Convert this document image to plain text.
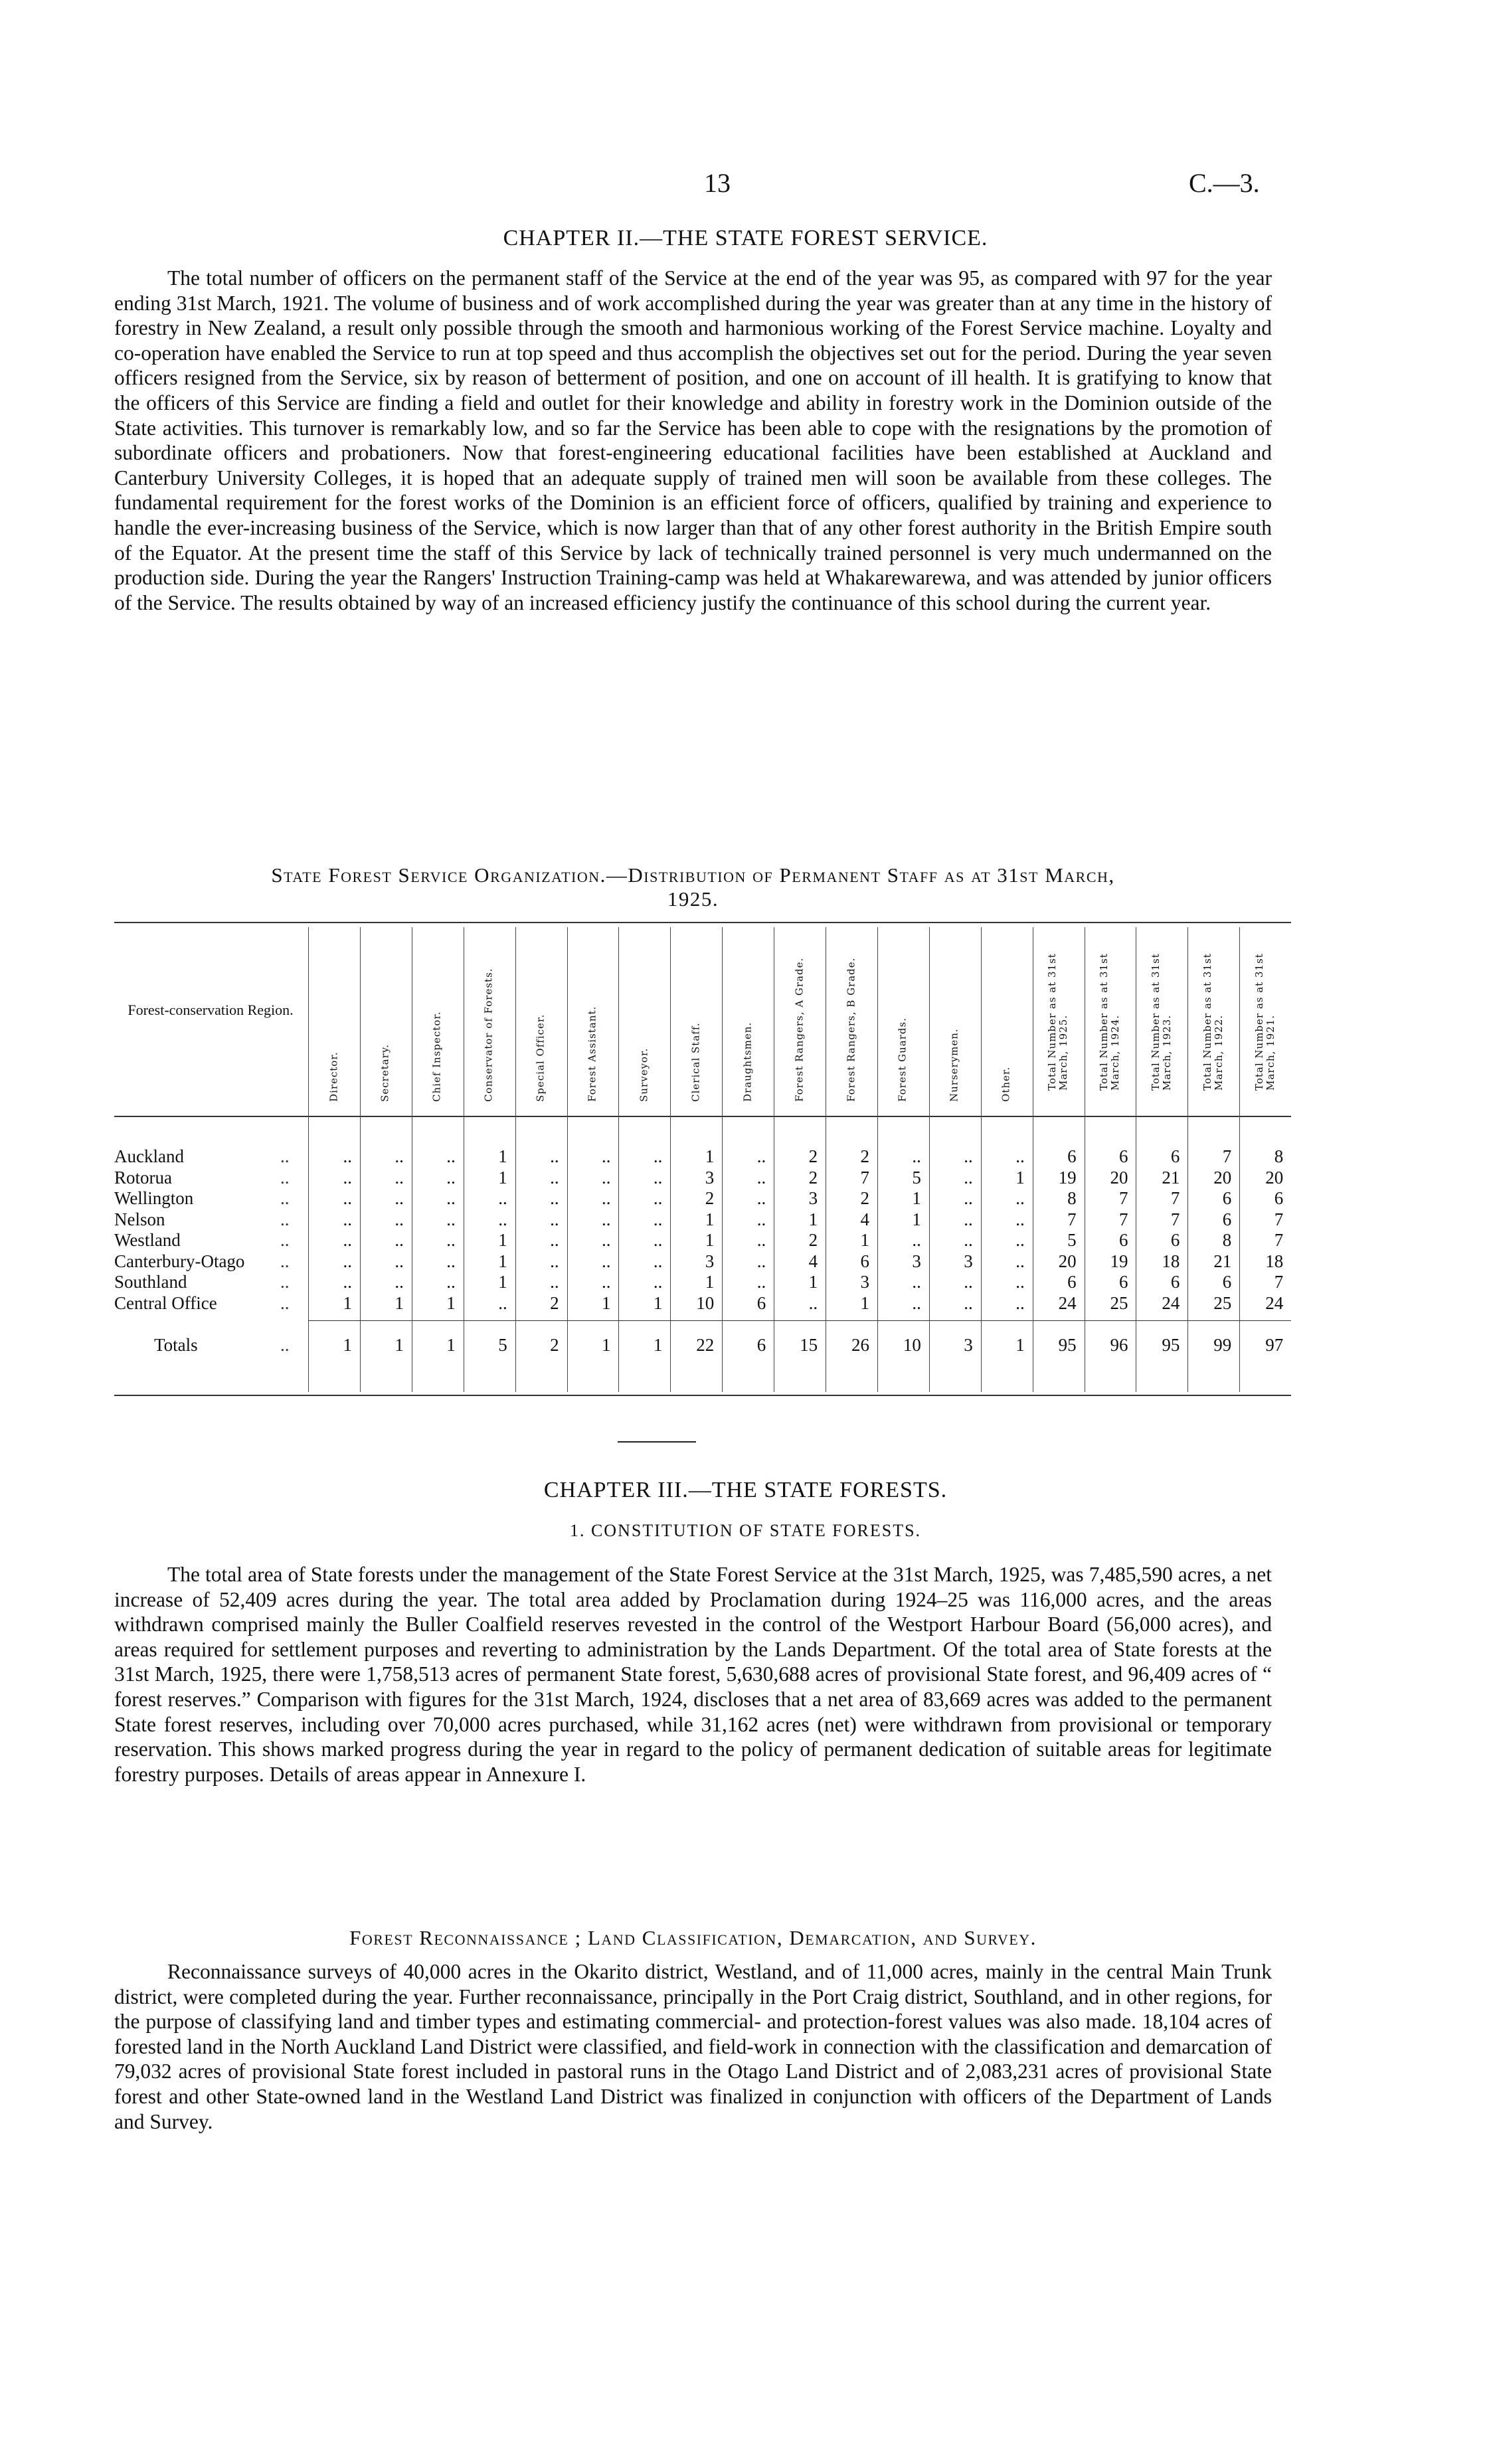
13	C.—3.
CHAPTER II.—THE STATE FOREST SERVICE.

The total number of officers on the permanent staff of the Service at the end of the year was 95, as compared with 97 for the year ending 31st March, 1921. The volume of business and of work accomplished during the year was greater than at any time in the history of forestry in New Zealand, a result only possible through the smooth and harmonious working of the Forest Service machine. Loyalty and co-operation have enabled the Service to run at top speed and thus accomplish the objectives set out for the period. During the year seven officers resigned from the Service, six by reason of betterment of position, and one on account of ill health. It is gratifying to know that the officers of this Service are finding a field and outlet for their knowledge and ability in forestry work in the Dominion outside of the State activities. This turnover is remarkably low, and so far the Service has been able to cope with the resignations by the promotion of subordinate officers and probationers. Now that forest-engineering educational facilities have been established at Auckland and Canterbury University Colleges, it is hoped that an adequate supply of trained men will soon be available from these colleges. The fundamental requirement for the forest works of the Dominion is an efficient force of officers, qualified by training and experience to handle the ever-increasing business of the Service, which is now larger than that of any other forest authority in the British Empire south of the Equator. At the present time the staff of this Service by lack of technically trained personnel is very much undermanned on the production side. During the year the Rangers' Instruction Training-camp was held at Whakarewarewa, and was attended by junior officers of the Service. The results obtained by way of an increased efficiency justify the continuance of this school during the current year.

State Forest Service Organization.—Distribution of Permanent Staff as at 31st March,
1925.
Forest-conservation Region.
Director.	Secretary.	Chief Inspector.	Conservator of Forests.	Special Officer.	Forest Assistant.	Surveyor.	Clerical Staff.	Draughtsmen.	Forest Rangers, A Grade.	Forest Rangers, B Grade.	Forest Guards.	Nurserymen.	Other.	Total Number as at 31st March, 1925.	Total Number as at 31st March, 1924.	Total Number as at 31st March, 1923.	Total Number as at 31st March, 1922.	Total Number as at 31st March, 1921.
Auckland	..	..	..	..	1	..	..	..	1	..	2	2	..	..	..	6	6	6	7	8
Rotorua	..	..	..	..	1	..	..	..	3	..	2	7	5	..	1	19	20	21	20	20
Wellington	..	..	..	..	..	..	..	..	2	..	3	2	1	..	..	8	7	7	6	6
Nelson	..	..	..	..	..	..	..	..	1	..	1	4	1	..	..	7	7	7	6	7
Westland	..	..	..	..	1	..	..	..	1	..	2	1	..	..	..	5	6	6	8	7
Canterbury-Otago	..	..	..	..	1	..	..	..	3	..	4	6	3	3	..	20	19	18	21	18
Southland	..	..	..	..	1	..	..	..	1	..	1	3	..	..	..	6	6	6	6	7
Central Office	..	1	1	1	..	2	1	1	10	6	..	1	..	..	..	24	25	24	25	24
Totals	..	1	1	1	5	2	1	1	22	6	15	26	10	3	1	95	96	95	99	97
CHAPTER III.—THE STATE FORESTS.
1. CONSTITUTION OF STATE FORESTS.

The total area of State forests under the management of the State Forest Service at the 31st March, 1925, was 7,485,590 acres, a net increase of 52,409 acres during the year. The total area added by Proclamation during 1924–25 was 116,000 acres, and the areas withdrawn comprised mainly the Buller Coalfield reserves revested in the control of the Westport Harbour Board (56,000 acres), and areas required for settlement purposes and reverting to administration by the Lands Department. Of the total area of State forests at the 31st March, 1925, there were 1,758,513 acres of permanent State forest, 5,630,688 acres of provisional State forest, and 96,409 acres of “ forest reserves.” Comparison with figures for the 31st March, 1924, discloses that a net area of 83,669 acres was added to the permanent State forest reserves, including over 70,000 acres purchased, while 31,162 acres (net) were withdrawn from provisional or temporary reservation. This shows marked progress during the year in regard to the policy of permanent dedication of suitable areas for legitimate forestry purposes. Details of areas appear in Annexure I.

Forest Reconnaissance ; Land Classification, Demarcation, and Survey.

Reconnaissance surveys of 40,000 acres in the Okarito district, Westland, and of 11,000 acres, mainly in the central Main Trunk district, were completed during the year. Further reconnaissance, principally in the Port Craig district, Southland, and in other regions, for the purpose of classifying land and timber types and estimating commercial- and protection-forest values was also made. 18,104 acres of forested land in the North Auckland Land District were classified, and field-work in connection with the classification and demarcation of 79,032 acres of provisional State forest included in pastoral runs in the Otago Land District and of 2,083,231 acres of provisional State forest and other State-owned land in the Westland Land District was finalized in conjunction with officers of the Department of Lands and Survey.
